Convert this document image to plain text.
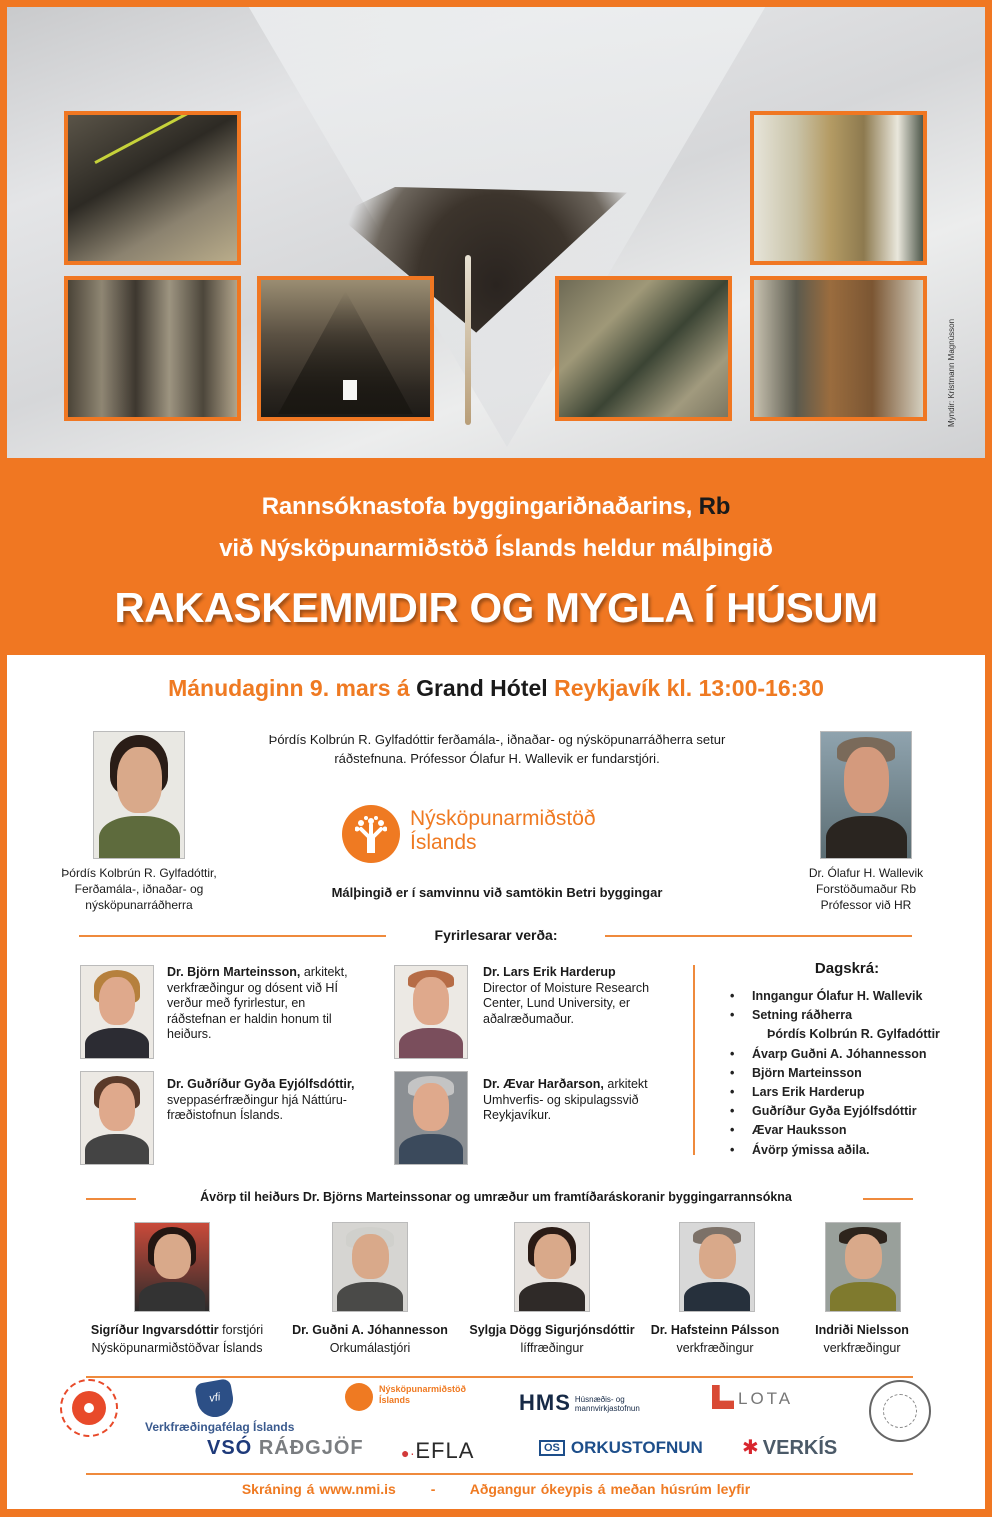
Myndir: Kristmann Magnússon
Rannsóknastofa byggingariðnaðarins, Rb
við Nýsköpunarmiðstöð Íslands heldur málþingið
RAKASKEMMDIR OG MYGLA Í HÚSUM
Mánudaginn 9. mars á Grand Hótel Reykjavík kl. 13:00-16:30
Þórdís Kolbrún R. Gylfadóttir,
Ferðamála-, iðnaðar- og
nýsköpunarráðherra
Þórdís Kolbrún R. Gylfadóttir ferðamála-, iðnaðar- og nýsköpunarráðherra setur ráðstefnuna. Prófessor Ólafur H. Wallevik er fundarstjóri.
Nýsköpunarmiðstöð
Íslands
Málþingið er í samvinnu við samtökin Betri byggingar
Dr. Ólafur H. Wallevik
Forstöðumaður Rb
Prófessor við HR
Fyrirlesarar verða:
Dr. Björn Marteinsson, arkitekt, verkfræðingur og dósent við HÍ verður með fyrirlestur, en ráðstefnan er haldin honum til heiðurs.
Dr. Lars Erik Harderup
Director of Moisture Research Center, Lund University, er aðalræðumaður.
Dr. Guðríður Gyða Eyjólfsdóttir, sveppasérfræðingur hjá Náttúru-fræðistofnun Íslands.
Dr. Ævar Harðarson, arkitekt Umhverfis- og skipulagssvið Reykjavíkur.
Dagskrá:
• Inngangur Ólafur H. Wallevik
• Setning ráðherra
Þórdís Kolbrún R. Gylfadóttir
• Ávarp Guðni A. Jóhannesson
• Björn Marteinsson
• Lars Erik Harderup
• Guðríður Gyða Eyjólfsdóttir
• Ævar Hauksson
• Ávörp ýmissa aðila.
Ávörp til heiðurs Dr. Björns Marteinssonar og umræður um framtíðaráskoranir byggingarrannsókna
Sigríður Ingvarsdóttir forstjóri
Nýsköpunarmiðstöðvar Íslands
Dr. Guðni A. Jóhannesson
Orkumálastjóri
Sylgja Dögg Sigurjónsdóttir
líffræðingur
Dr. Hafsteinn Pálsson
verkfræðingur
Indriði Nielsson
verkfræðingur
vfi
Verkfræðingafélag Íslands
VSÓ RÁÐGJÖF
Nýsköpunarmiðstöð
Íslands
●∙EFLA
HMS Húsnæðis- og
mannvirkjastofnun
OS ORKUSTOFNUN
LOTA
✱ VERKÍS
Skráning á www.nmi.is - Aðgangur ókeypis á meðan húsrúm leyfir
